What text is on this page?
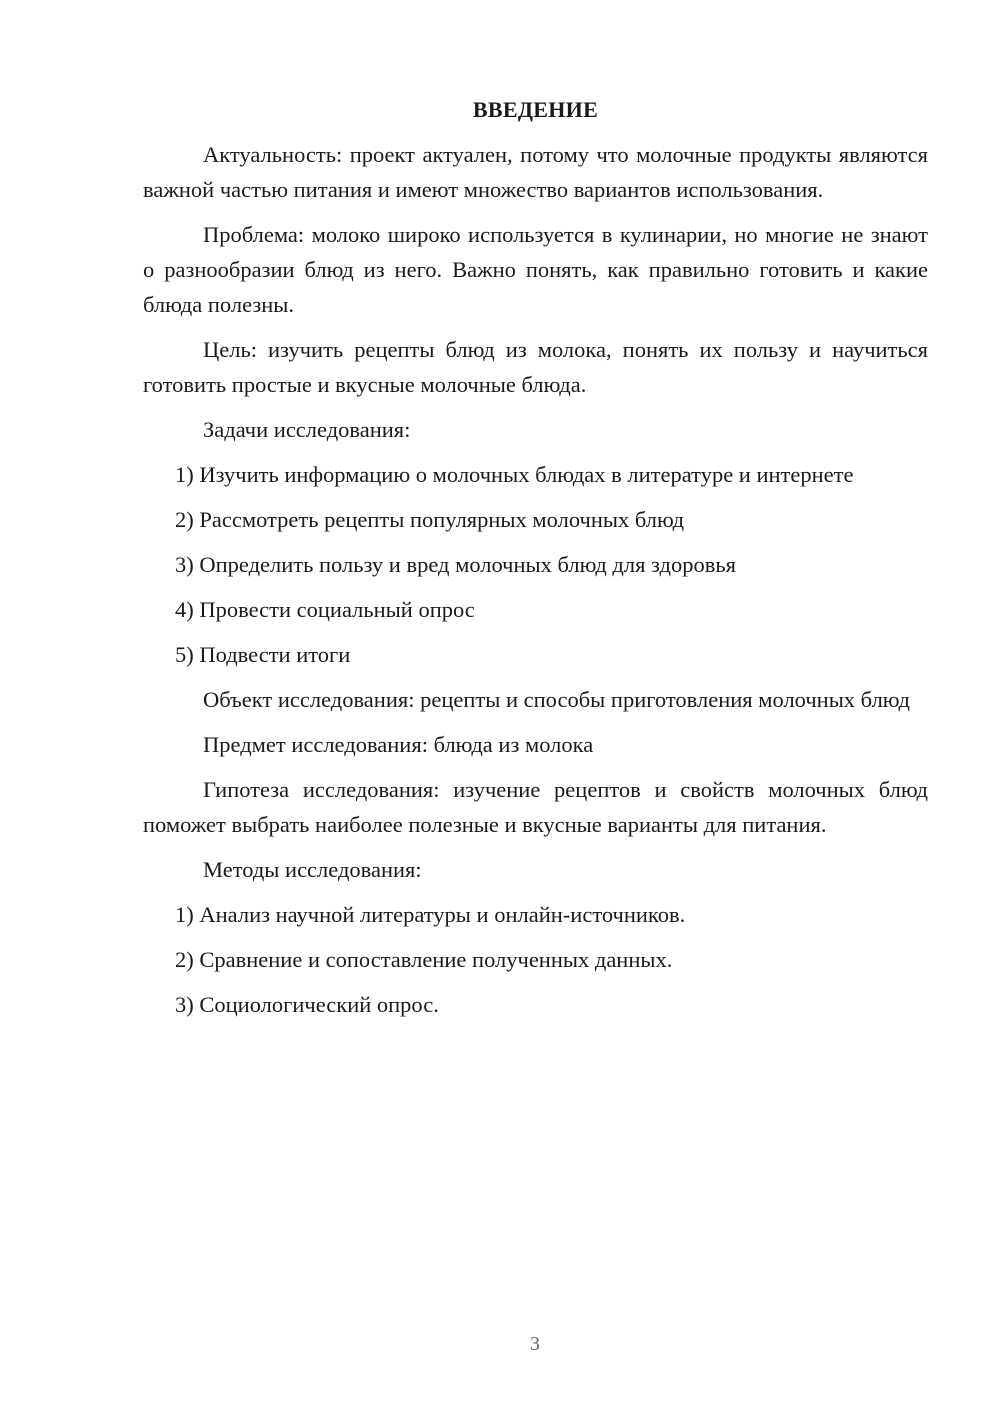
ВВЕДЕНИЕ

Актуальность: проект актуален, потому что молочные продукты являются важной частью питания и имеют множество вариантов использования.

Проблема: молоко широко используется в кулинарии, но многие не знают о разнообразии блюд из него. Важно понять, как правильно готовить и какие блюда полезны.

Цель: изучить рецепты блюд из молока, понять их пользу и научиться готовить простые и вкусные молочные блюда.

Задачи исследования:

1) Изучить информацию о молочных блюдах в литературе и интернете
2) Рассмотреть рецепты популярных молочных блюд
3) Определить пользу и вред молочных блюд для здоровья
4) Провести социальный опрос
5) Подвести итоги

Объект исследования: рецепты и способы приготовления молочных блюд

Предмет исследования: блюда из молока

Гипотеза исследования: изучение рецептов и свойств молочных блюд поможет выбрать наиболее полезные и вкусные варианты для питания.

Методы исследования:

1) Анализ научной литературы и онлайн-источников.
2) Сравнение и сопоставление полученных данных.
3) Социологический опрос.
3
